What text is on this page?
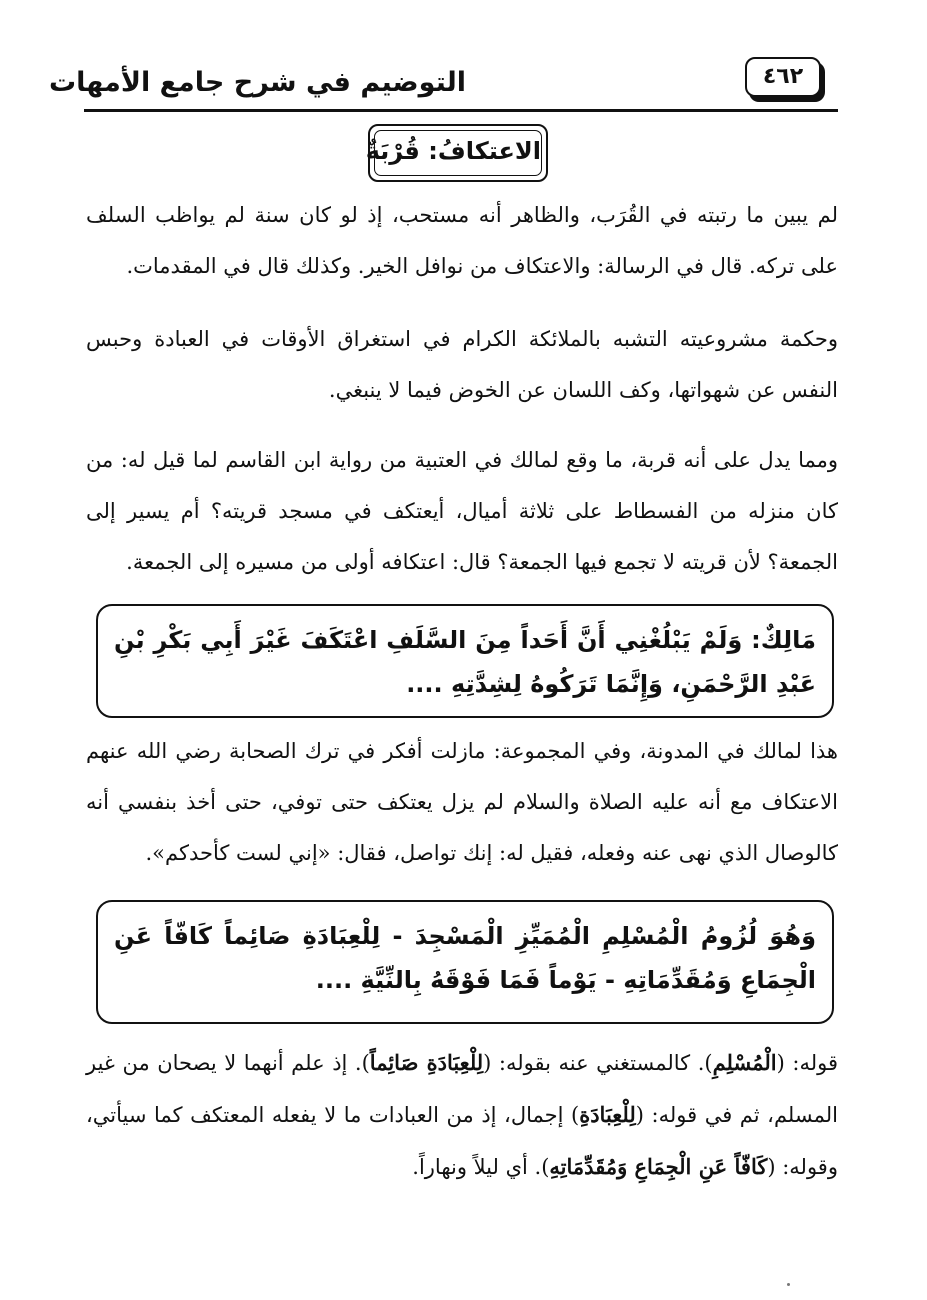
٤٦٢
التوضيم في شرح جامع الأمهات
الاعتكافُ: قُرْبَةٌ
لم يبين ما رتبته في القُرَب، والظاهر أنه مستحب، إذ لو كان سنة لم يواظب السلف على تركه. قال في الرسالة: والاعتكاف من نوافل الخير. وكذلك قال في المقدمات.
وحكمة مشروعيته التشبه بالملائكة الكرام في استغراق الأوقات في العبادة وحبس النفس عن شهواتها، وكف اللسان عن الخوض فيما لا ينبغي.
ومما يدل على أنه قربة، ما وقع لمالك في العتبية من رواية ابن القاسم لما قيل له: من كان منزله من الفسطاط على ثلاثة أميال، أيعتكف في مسجد قريته؟ أم يسير إلى الجمعة؟ لأن قريته لا تجمع فيها الجمعة؟ قال: اعتكافه أولى من مسيره إلى الجمعة.
مَالِكٌ: وَلَمْ يَبْلُغْنِي أَنَّ أَحَداً مِنَ السَّلَفِ اعْتَكَفَ غَيْرَ أَبِي بَكْرِ بْنِ عَبْدِ الرَّحْمَنِ، وَإِنَّمَا تَرَكُوهُ لِشِدَّتِهِ ....
هذا لمالك في المدونة، وفي المجموعة: مازلت أفكر في ترك الصحابة رضي الله عنهم الاعتكاف مع أنه عليه الصلاة والسلام لم يزل يعتكف حتى توفي، حتى أخذ بنفسي أنه كالوصال الذي نهى عنه وفعله، فقيل له: إنك تواصل، فقال: «إني لست كأحدكم».
وَهُوَ لُزُومُ الْمُسْلِمِ الْمُمَيِّزِ الْمَسْجِدَ - لِلْعِبَادَةِ صَائِماً كَافّاً عَنِ الْجِمَاعِ وَمُقَدِّمَاتِهِ - يَوْماً فَمَا فَوْقَهُ بِالنِّيَّةِ ....
قوله: (الْمُسْلِمِ). كالمستغني عنه بقوله: (لِلْعِبَادَةِ صَائِماً). إذ علم أنهما لا يصحان من غير المسلم، ثم في قوله: (لِلْعِبَادَةِ) إجمال، إذ من العبادات ما لا يفعله المعتكف كما سيأتي، وقوله: (كَافّاً عَنِ الْجِمَاعِ وَمُقَدِّمَاتِهِ). أي ليلاً ونهاراً.
